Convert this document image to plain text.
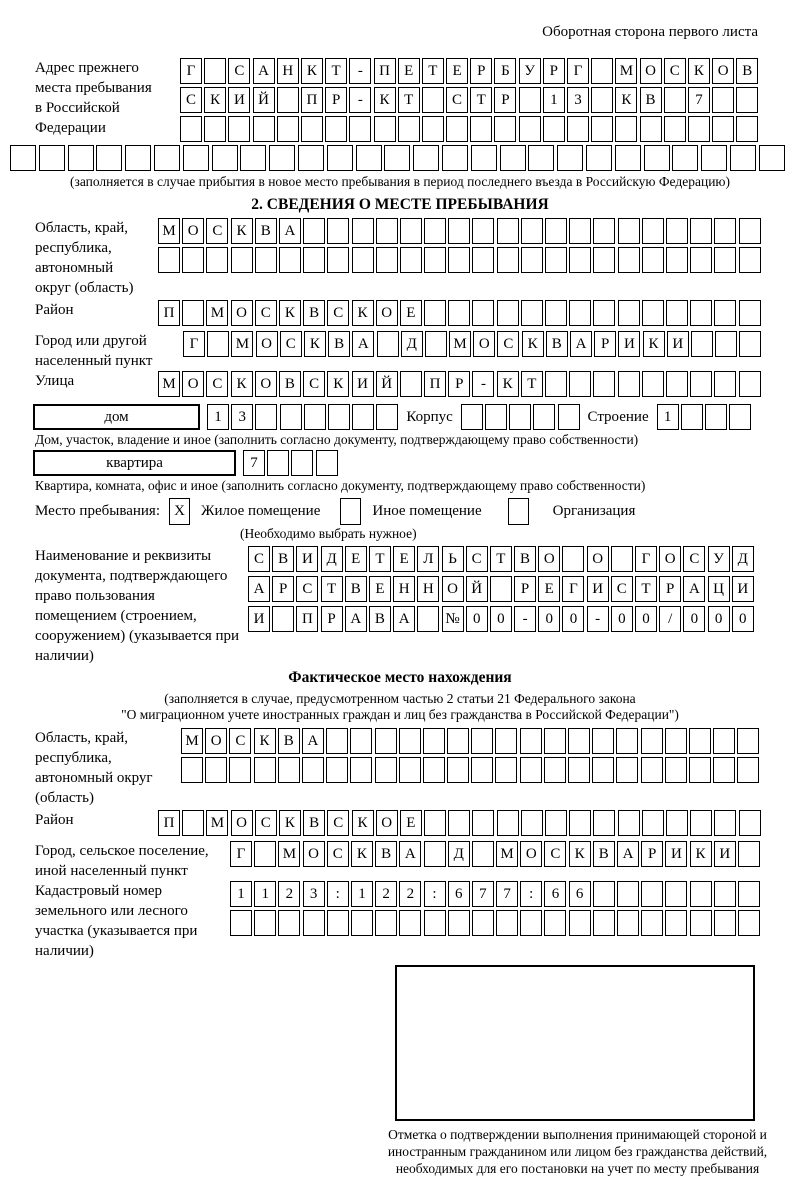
Оборотная сторона первого листа
Адрес прежнего места пребывания в Российской Федерации
Г	С А Н К Т	-	П Е	Т	Е	Р	Б У Р	Г	М О С К О В
С К И Й	П Р	-	К Т	С Т	Р	1	3	К В	7
(заполняется в случае прибытия в новое место пребывания в период последнего въезда в Российскую Федерацию)
2. СВЕДЕНИЯ О МЕСТЕ ПРЕБЫВАНИЯ
Область, край, республика, автономный округ (область)
М О С К В А
Район	П	М О С К В С К О Е
Город или другой населенный пункт
Г	М О С К В А	Д	М О С К В А Р И К И
Улица	М О С К О В С К И Й	П Р	-	К Т
дом	1	3	Корпус	Строение	1
Дом, участок, владение и иное (заполнить согласно документу, подтверждающему право собственности)
квартира	7
Квартира, комната, офис и иное (заполнить согласно документу, подтверждающему право собственности)
Место пребывания: X	Жилое помещение	Иное помещение	Организация
(Необходимо выбрать нужное)
Наименование и реквизиты документа, подтверждающего право пользования помещением (строением, сооружением) (указывается при наличии)
С В И Д Е	Т	Е Л Ь С Т В О	О	Г О С У Д
А Р	С Т В Е Н Н О Й	Р	Е	Г И С Т	Р А Ц И
И	П Р А В А	№ 0	0	-	0	0	-	0	0	/	0	0	0
Фактическое место нахождения
(заполняется в случае, предусмотренном частью 2 статьи 21 Федерального закона
"О миграционном учете иностранных граждан и лиц без гражданства в Российской Федерации")
Область, край, республика, автономный округ (область)
М О С К В А
Район	П	М О С К В С К О Е
Город, сельское поселение, иной населенный пункт
Г	М О С К В А	Д	М О С К В А Р И К И
Кадастровый номер земельного или лесного участка (указывается при наличии)
1	1	2	3	:	1	2	2	:	6	7	7	:	6	6
Отметка о подтверждении выполнения принимающей стороной и иностранным гражданином или лицом без гражданства действий, необходимых для его постановки на учет по месту пребывания
